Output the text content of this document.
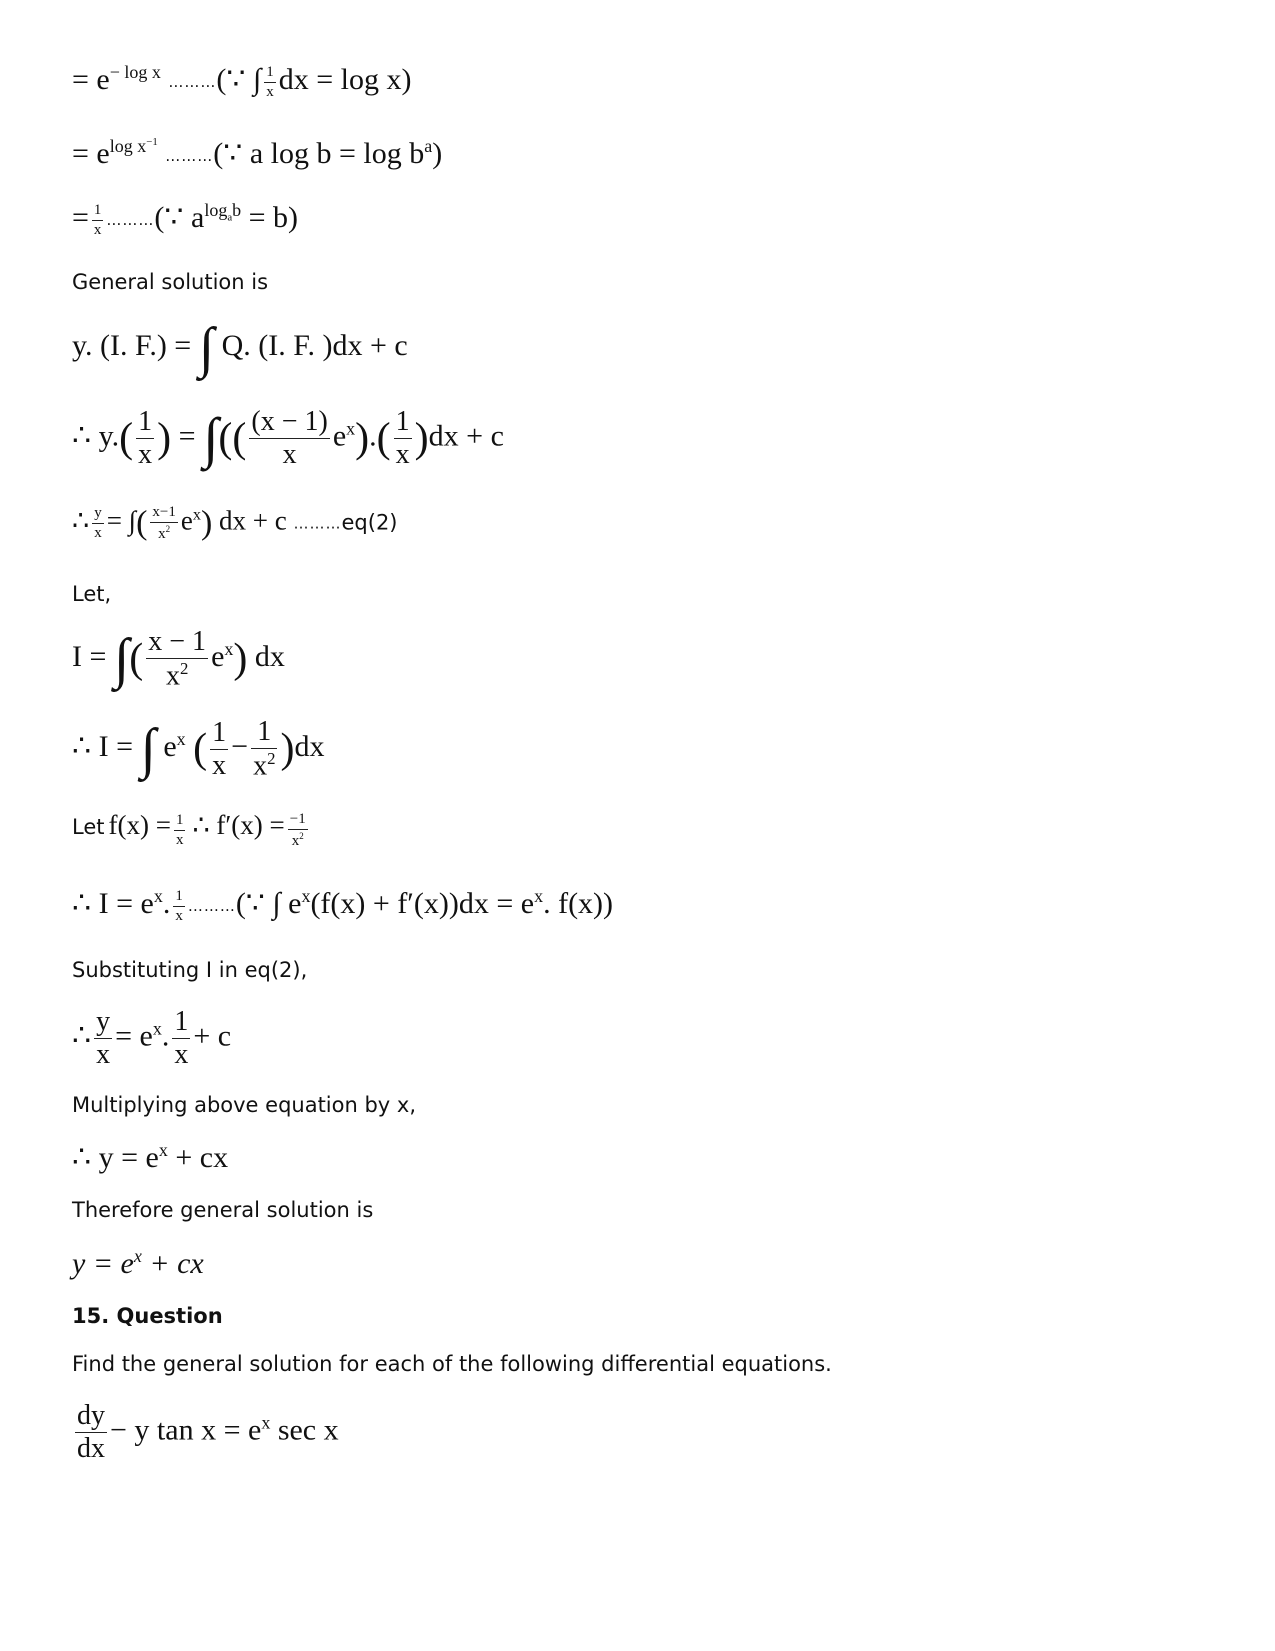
= $e^{- log x}$ ………(∵ ∫ $\frac{1}{x}$ dx = log x)
= $e^{log x^{-1}}$ ………(∵ a $\log b = \log b^a$)
= $\frac{1}{x}$ ………(∵ $a^{log_ab} = b$)
General solution is
y. (I. F.) = ∫ Q. (I. F. )dx + c
∴ $y.( \frac{1}{x}$ ) = ∫(( $\frac{(x - 1)}{x} e^x).( \frac{1}{x} )dx + c$
∴ $\frac{y}{x}$ = ∫( $\frac{x-1}{x^2} e^x$) dx + c ………eq(2)
Let,
I = ∫( $\frac{x - 1}{x^2} e^x$) dx
∴ I = ∫ $e^x$ ( $\frac{1}{x} - \frac{1}{x^2} )dx$
Let $f(x) = \frac{1}{x}$ ∴ $f'(x) = \frac{-1}{x^2}$
∴ $I = e^x$. $\frac{1}{x}$ ………(∵ ∫ $e^x(f(x) + f'(x))dx = e^x$. f(x))
Substituting I in eq(2),
∴ $\frac{y}{x} = e^x$. $\frac{1}{x} + c$
Multiplying above equation by x,
∴ $y = e^x$ + cx
Therefore general solution is
$y = e^x$ + cx
15. Question
Find the general solution for each of the following differential equations.
$\frac{dy}{dx} - y$ $\tan x = e^x$ sec x
